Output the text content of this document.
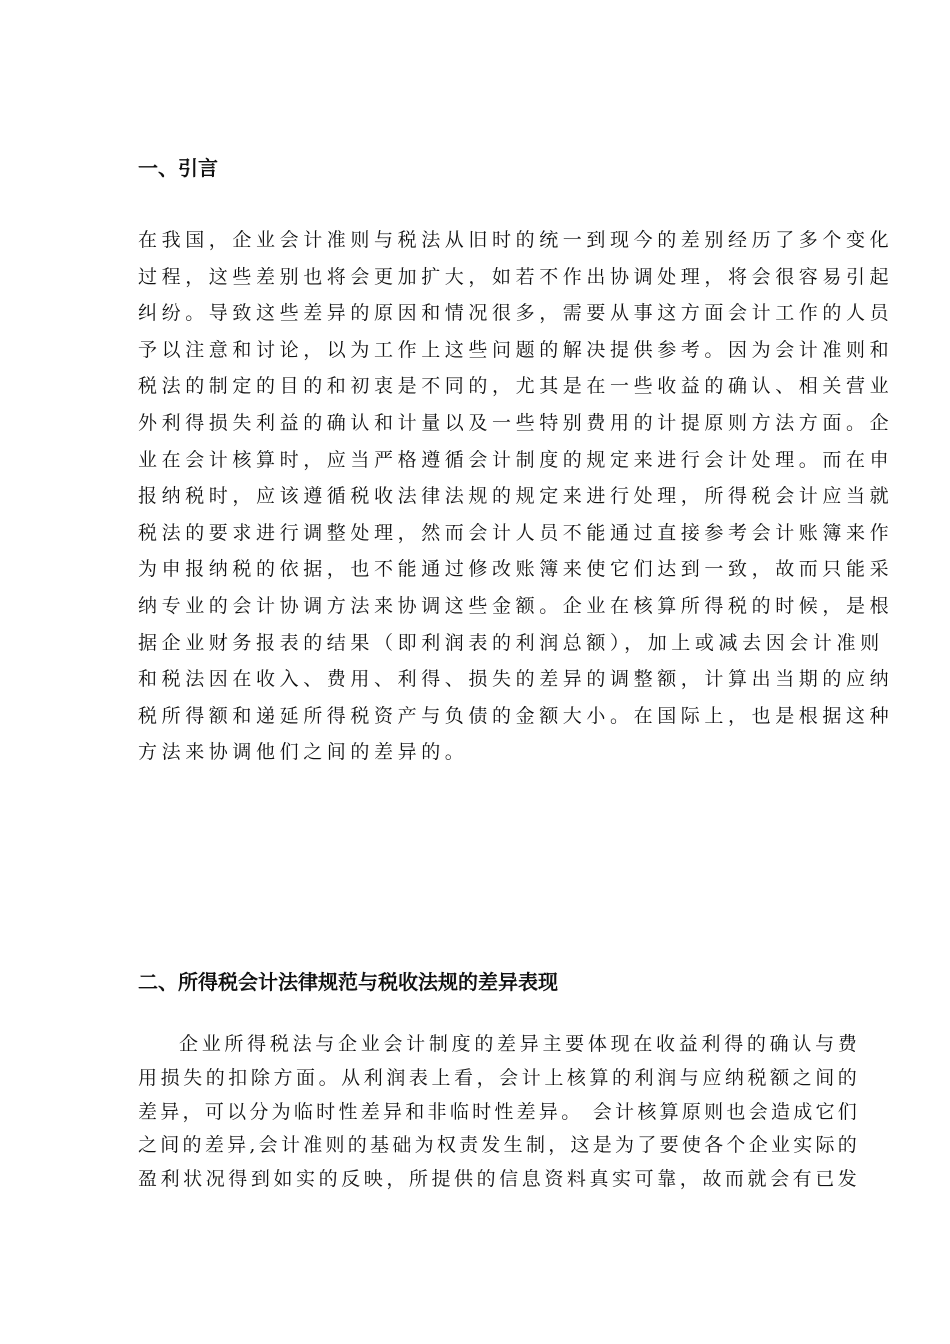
一、引言
在我国，企业会计准则与税法从旧时的统一到现今的差别经历了多个变化
过程，这些差别也将会更加扩大，如若不作出协调处理，将会很容易引起
纠纷。导致这些差异的原因和情况很多，需要从事这方面会计工作的人员
予以注意和讨论，以为工作上这些问题的解决提供参考。因为会计准则和
税法的制定的目的和初衷是不同的，尤其是在一些收益的确认、相关营业
外利得损失利益的确认和计量以及一些特别费用的计提原则方法方面。企
业在会计核算时，应当严格遵循会计制度的规定来进行会计处理。而在申
报纳税时，应该遵循税收法律法规的规定来进行处理，所得税会计应当就
税法的要求进行调整处理，然而会计人员不能通过直接参考会计账簿来作
为申报纳税的依据，也不能通过修改账簿来使它们达到一致，故而只能采
纳专业的会计协调方法来协调这些金额。企业在核算所得税的时候，是根
据企业财务报表的结果（即利润表的利润总额），加上或减去因会计准则
和税法因在收入、费用、利得、损失的差异的调整额，计算出当期的应纳
税所得额和递延所得税资产与负债的金额大小。在国际上，也是根据这种
方法来协调他们之间的差异的。
二、所得税会计法律规范与税收法规的差异表现
企业所得税法与企业会计制度的差异主要体现在收益利得的确认与费
用损失的扣除方面。从利润表上看，会计上核算的利润与应纳税额之间的
差异，可以分为临时性差异和非临时性差异。 会计核算原则也会造成它们
之间的差异,会计准则的基础为权责发生制，这是为了要使各个企业实际的
盈利状况得到如实的反映，所提供的信息资料真实可靠，故而就会有已发
